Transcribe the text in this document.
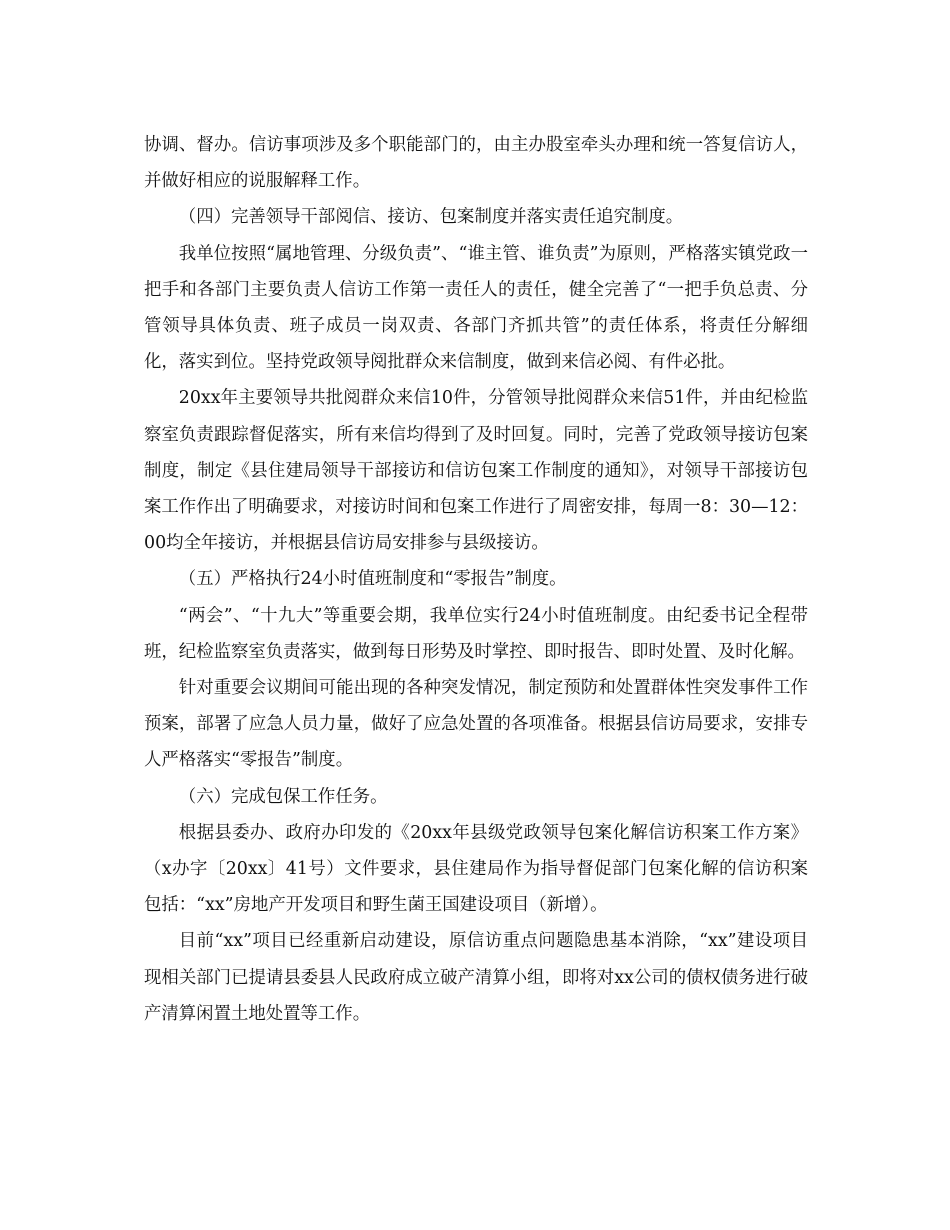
协调、督办。信访事项涉及多个职能部门的，由主办股室牵头办理和统一答复信访人，并做好相应的说服解释工作。

（四）完善领导干部阅信、接访、包案制度并落实责任追究制度。

我单位按照“属地管理、分级负责”、“谁主管、谁负责”为原则，严格落实镇党政一把手和各部门主要负责人信访工作第一责任人的责任，健全完善了“一把手负总责、分管领导具体负责、班子成员一岗双责、各部门齐抓共管”的责任体系，将责任分解细化，落实到位。坚持党政领导阅批群众来信制度，做到来信必阅、有件必批。

20xx年主要领导共批阅群众来信10件，分管领导批阅群众来信51件，并由纪检监察室负责跟踪督促落实，所有来信均得到了及时回复。同时，完善了党政领导接访包案制度，制定《县住建局领导干部接访和信访包案工作制度的通知》，对领导干部接访包案工作作出了明确要求，对接访时间和包案工作进行了周密安排，每周一8：30—12：00均全年接访，并根据县信访局安排参与县级接访。

（五）严格执行24小时值班制度和“零报告”制度。

“两会”、“十九大”等重要会期，我单位实行24小时值班制度。由纪委书记全程带班，纪检监察室负责落实，做到每日形势及时掌控、即时报告、即时处置、及时化解。

针对重要会议期间可能出现的各种突发情况，制定预防和处置群体性突发事件工作预案，部署了应急人员力量，做好了应急处置的各项准备。根据县信访局要求，安排专人严格落实“零报告”制度。

（六）完成包保工作任务。

根据县委办、政府办印发的《20xx年县级党政领导包案化解信访积案工作方案》（x办字〔20xx〕41号）文件要求，县住建局作为指导督促部门包案化解的信访积案包括：“xx”房地产开发项目和野生菌王国建设项目（新增）。

目前“xx”项目已经重新启动建设，原信访重点问题隐患基本消除，“xx”建设项目现相关部门已提请县委县人民政府成立破产清算小组，即将对xx公司的债权债务进行破产清算闲置土地处置等工作。
